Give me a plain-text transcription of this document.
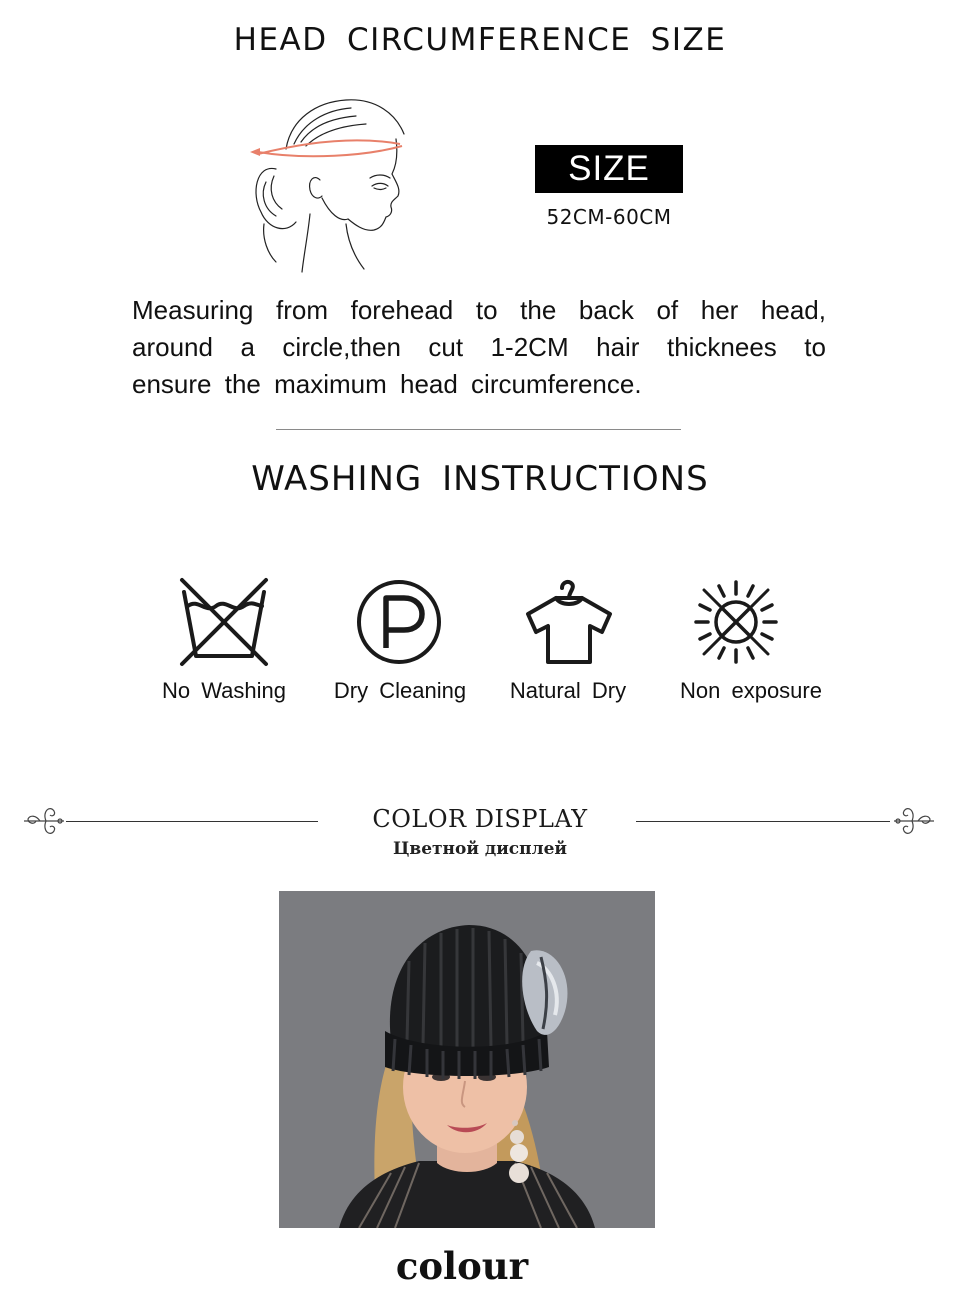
HEAD CIRCUMFERENCE SIZE
SIZE
52CM-60CM
Measuring from forehead to the back of her head,
around a circle,then cut 1-2CM hair thicknees to
ensure the maximum head circumference.
WASHING INSTRUCTIONS
No Washing	Dry Cleaning	Natural Dry	Non exposure
COLOR DISPLAY
Цветной дисплей
colour
